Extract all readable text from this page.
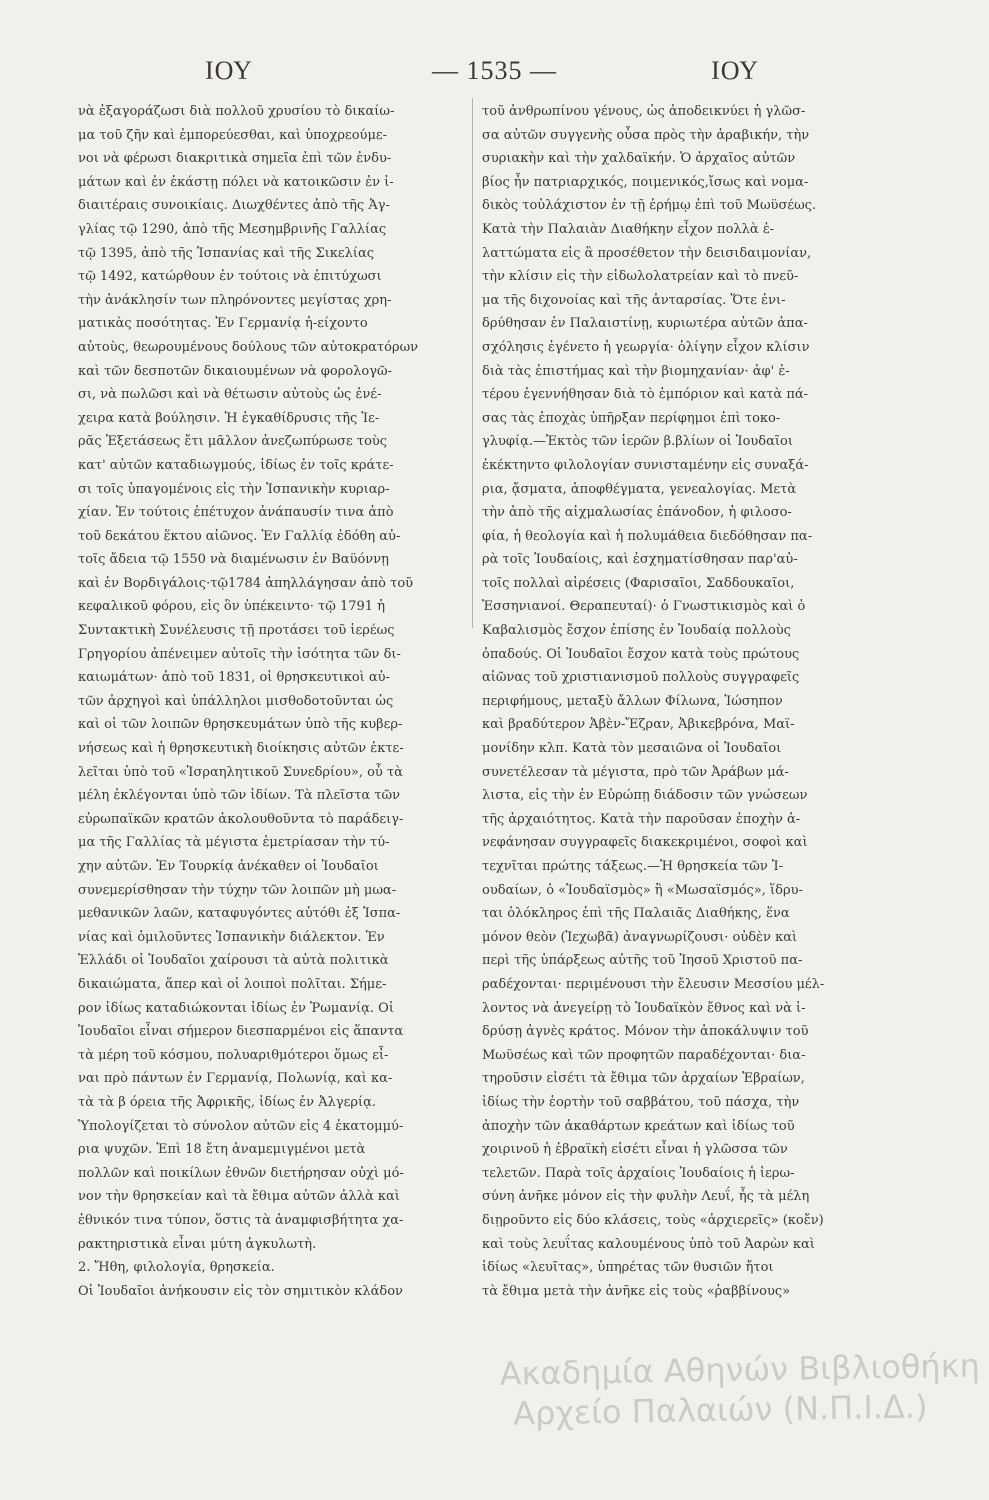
ΙΟΥ	— 1535 —	ΙΟΥ

νὰ ἐξαγοράζωσι διὰ πολλοῦ χρυσίου τὸ δικαίω-
μα τοῦ ζῆν καὶ ἐμπορεύεσθαι, καὶ ὑποχρεούμε-
νοι νὰ φέρωσι διακριτικὰ σημεῖα ἐπὶ τῶν ἐνδυ-
μάτων καὶ ἐν ἑκάστῃ πόλει νὰ κατοικῶσιν ἐν ἰ-
διαιτέραις συνοικίαις. Διωχθέντες ἀπὸ τῆς Ἀγ-
γλίας τῷ 1290, ἀπὸ τῆς Μεσημβρινῆς Γαλλίας
τῷ 1395, ἀπὸ τῆς Ἱσπανίας καὶ τῆς Σικελίας
τῷ 1492, κατώρθουν ἐν τούτοις νὰ ἐπιτύχωσι
τὴν ἀνάκλησίν των πληρόνοντες μεγίστας χρη-
ματικὰς ποσότητας. Ἐν Γερμανίᾳ ἠ-είχοντο
αὐτοὺς, θεωρουμένους δούλους τῶν αὐτοκρατόρων
καὶ τῶν δεσποτῶν δικαιουμένων νὰ φορολογῶ-
σι, νὰ πωλῶσι καὶ νὰ θέτωσιν αὐτοὺς ὡς ἐνέ-
χειρα κατὰ βούλησιν. Ἡ ἐγκαθίδρυσις τῆς Ἱε-
ρᾶς Ἐξετάσεως ἔτι μᾶλλον ἀνεζωπύρωσε τοὺς
κατ' αὐτῶν καταδιωγμούς, ἰδίως ἐν τοῖς κράτε-
σι τοῖς ὑπαγομένοις εἰς τὴν Ἱσπανικὴν κυριαρ-
χίαν. Ἐν τούτοις ἐπέτυχον ἀνάπαυσίν τινα ἀπὸ
τοῦ δεκάτου ἕκτου αἰῶνος. Ἐν Γαλλίᾳ ἐδόθη αὐ-
τοῖς ἄδεια τῷ 1550 νὰ διαμένωσιν ἐν Βαϋόννῃ
καὶ ἐν Βορδιγάλοις·τῷ1784 ἀπηλλάγησαν ἀπὸ τοῦ
κεφαλικοῦ φόρου, εἰς ὃν ὑπέκειντο· τῷ 1791 ἡ
Συντακτικὴ Συνέλευσις τῇ προτάσει τοῦ ἱερέως
Γρηγορίου ἀπένειμεν αὐτοῖς τὴν ἰσότητα τῶν δι-
καιωμάτων· ἀπὸ τοῦ 1831, οἱ θρησκευτικοὶ αὐ-
τῶν ἀρχηγοὶ καὶ ὑπάλληλοι μισθοδοτοῦνται ὡς
καὶ οἱ τῶν λοιπῶν θρησκευμάτων ὑπὸ τῆς κυβερ-
νήσεως καὶ ἡ θρησκευτικὴ διοίκησις αὐτῶν ἐκτε-
λεῖται ὑπὸ τοῦ «Ἰσραηλητικοῦ Συνεδρίου», οὗ τὰ
μέλη ἐκλέγονται ὑπὸ τῶν ἰδίων. Τὰ πλεῖστα τῶν
εὐρωπαϊκῶν κρατῶν ἀκολουθοῦντα τὸ παράδειγ-
μα τῆς Γαλλίας τὰ μέγιστα ἐμετρίασαν τὴν τύ-
χην αὐτῶν. Ἐν Τουρκίᾳ ἀνέκαθεν οἱ Ἰουδαῖοι
συνεμερίσθησαν τὴν τύχην τῶν λοιπῶν μὴ μωα-
μεθανικῶν λαῶν, καταφυγόντες αὐτόθι ἐξ Ἱσπα-
νίας καὶ ὁμιλοῦντες Ἱσπανικὴν διάλεκτον. Ἐν
Ἑλλάδι οἱ Ἰουδαῖοι χαίρουσι τὰ αὐτὰ πολιτικὰ
δικαιώματα, ἅπερ καὶ οἱ λοιποὶ πολῖται. Σήμε-
ρον ἰδίως καταδιώκονται ἰδίως ἐν Ῥωμανίᾳ. Οἱ
Ἰουδαῖοι εἶναι σήμερον διεσπαρμένοι εἰς ἅπαντα
τὰ μέρη τοῦ κόσμου, πολυαριθμότεροι ὅμως εἶ-
ναι πρὸ πάντων ἐν Γερμανίᾳ, Πολωνίᾳ, καὶ κα-
τὰ τὰ β όρεια τῆς Ἀφρικῆς, ἰδίως ἐν Ἀλγερίᾳ.
Ὑπολογίζεται τὸ σύνολον αὐτῶν εἰς 4 ἑκατομμύ-
ρια ψυχῶν. Ἐπὶ 18 ἔτη ἀναμεμιγμένοι μετὰ
πολλῶν καὶ ποικίλων ἐθνῶν διετήρησαν οὐχὶ μό-
νον τὴν θρησκείαν καὶ τὰ ἔθιμα αὐτῶν ἀλλὰ καὶ
ἐθνικόν τινα τύπον, ὅστις τὰ ἀναμφισβήτητα χα-
ρακτηριστικὰ εἶναι μύτη ἀγκυλωτὴ.
2. Ἤθη, φιλολογία, θρησκεία.
Οἱ Ἰουδαῖοι ἀνήκουσιν εἰς τὸν σημιτικὸν κλάδον

τοῦ ἀνθρωπίνου γένους, ὡς ἀποδεικνύει ἡ γλῶσ-
σα αὐτῶν συγγενὴς οὖσα πρὸς τὴν ἀραβικήν, τὴν
συριακὴν καὶ τὴν χαλδαϊκήν. Ὁ ἀρχαῖος αὐτῶν
βίος ἦν πατριαρχικός, ποιμενικός,ἴσως καὶ νομα-
δικὸς τοὐλάχιστον ἐν τῇ ἐρήμῳ ἐπὶ τοῦ Μωϋσέως.
Κατὰ τὴν Παλαιὰν Διαθήκην εἶχον πολλὰ ἐ-
λαττώματα εἰς ἃ προσέθετον τὴν δεισιδαιμονίαν,
τὴν κλίσιν εἰς τὴν εἰδωλολατρείαν καὶ τὸ πνεῦ-
μα τῆς διχονοίας καὶ τῆς ἀνταρσίας. Ὅτε ἐνι-
δρύθησαν ἐν Παλαιστίνῃ, κυριωτέρα αὐτῶν ἀπα-
σχόλησις ἐγένετο ἡ γεωργία· ὀλίγην εἶχον κλίσιν
διὰ τὰς ἐπιστήμας καὶ τὴν βιομηχανίαν· ἀφ' ἑ-
τέρου ἐγεννήθησαν διὰ τὸ ἐμπόριον καὶ κατὰ πά-
σας τὰς ἐποχὰς ὑπῆρξαν περίφημοι ἐπὶ τοκο-
γλυφίᾳ.—Ἐκτὸς τῶν ἱερῶν β.βλίων οἱ Ἰουδαῖοι
ἐκέκτηντο φιλολογίαν συνισταμένην εἰς συναξά-
ρια, ᾄσματα, ἀποφθέγματα, γενεαλογίας. Μετὰ
τὴν ἀπὸ τῆς αἰχμαλωσίας ἐπάνοδον, ἡ φιλοσο-
φία, ἡ θεολογία καὶ ἡ πολυμάθεια διεδόθησαν πα-
ρὰ τοῖς Ἰουδαίοις, καὶ ἐσχηματίσθησαν παρ'αὐ-
τοῖς πολλαὶ αἱρέσεις (Φαρισαῖοι, Σαδδουκαῖοι,
Ἐσσηνιανοί. Θεραπευταί)· ὁ Γνωστικισμὸς καὶ ὁ
Καβαλισμὸς ἔσχον ἐπίσης ἐν Ἰουδαίᾳ πολλοὺς
ὀπαδούς. Οἱ Ἰουδαῖοι ἔσχον κατὰ τοὺς πρώτους
αἰῶνας τοῦ χριστιανισμοῦ πολλοὺς συγγραφεῖς
περιφήμους, μεταξὺ ἄλλων Φίλωνα, Ἰώσηπον
καὶ βραδύτερον Ἀβὲν-Ἔζραν, Ἀβικεβρόνα, Μαϊ-
μονίδην κλπ. Κατὰ τὸν μεσαιῶνα οἱ Ἰουδαῖοι
συνετέλεσαν τὰ μέγιστα, πρὸ τῶν Ἀράβων μά-
λιστα, εἰς τὴν ἐν Εὐρώπῃ διάδοσιν τῶν γνώσεων
τῆς ἀρχαιότητος. Κατὰ τὴν παροῦσαν ἐποχὴν ἀ-
νεφάνησαν συγγραφεῖς διακεκριμένοι, σοφοὶ καὶ
τεχνῖται πρώτης τάξεως.—Ἡ θρησκεία τῶν Ἰ-
ουδαίων, ὁ «Ἰουδαϊσμὸς» ἢ «Μωσαϊσμός», ἵδρυ-
ται ὁλόκληρος ἐπὶ τῆς Παλαιᾶς Διαθήκης, ἕνα
μόνον θεὸν (Ἰεχωβᾶ) ἀναγνωρίζουσι· οὐδὲν καὶ
περὶ τῆς ὑπάρξεως αὐτῆς τοῦ Ἰησοῦ Χριστοῦ πα-
ραδέχονται· περιμένουσι τὴν ἔλευσιν Μεσσίου μέλ-
λοντος νὰ ἀνεγείρῃ τὸ Ἰουδαϊκὸν ἔθνος καὶ νὰ ἱ-
δρύσῃ ἀγνὲς κράτος. Μόνον τὴν ἀποκάλυψιν τοῦ
Μωϋσέως καὶ τῶν προφητῶν παραδέχονται· δια-
τηροῦσιν εἰσέτι τὰ ἔθιμα τῶν ἀρχαίων Ἑβραίων,
ἰδίως τὴν ἑορτὴν τοῦ σαββάτου, τοῦ πάσχα, τὴν
ἀποχὴν τῶν ἀκαθάρτων κρεάτων καὶ ἰδίως τοῦ
χοιρινοῦ ἡ ἑβραϊκὴ εἰσέτι εἶναι ἡ γλῶσσα τῶν
τελετῶν. Παρὰ τοῖς ἀρχαίοις Ἰουδαίοις ἡ ἱερω-
σύνη ἀνῆκε μόνον εἰς τὴν φυλὴν Λευΐ, ἧς τὰ μέλη
διῃροῦντο εἰς δύο κλάσεις, τοὺς «ἀρχιερεῖς» (κοἔν)
καὶ τοὺς λευΐτας καλουμένους ὑπὸ τοῦ Ἀαρὼν καὶ
ἰδίως «λευῖτας», ὑπηρέτας τῶν θυσιῶν ἤτοι
τὰ ἔθιμα μετὰ τὴν ἀνῆκε εἰς τοὺς «ῥαββίνους»

Ακαδημία Αθηνών Βιβλιοθήκη
Αρχείο Παλαιών (Ν.Π.Ι.Δ.)
